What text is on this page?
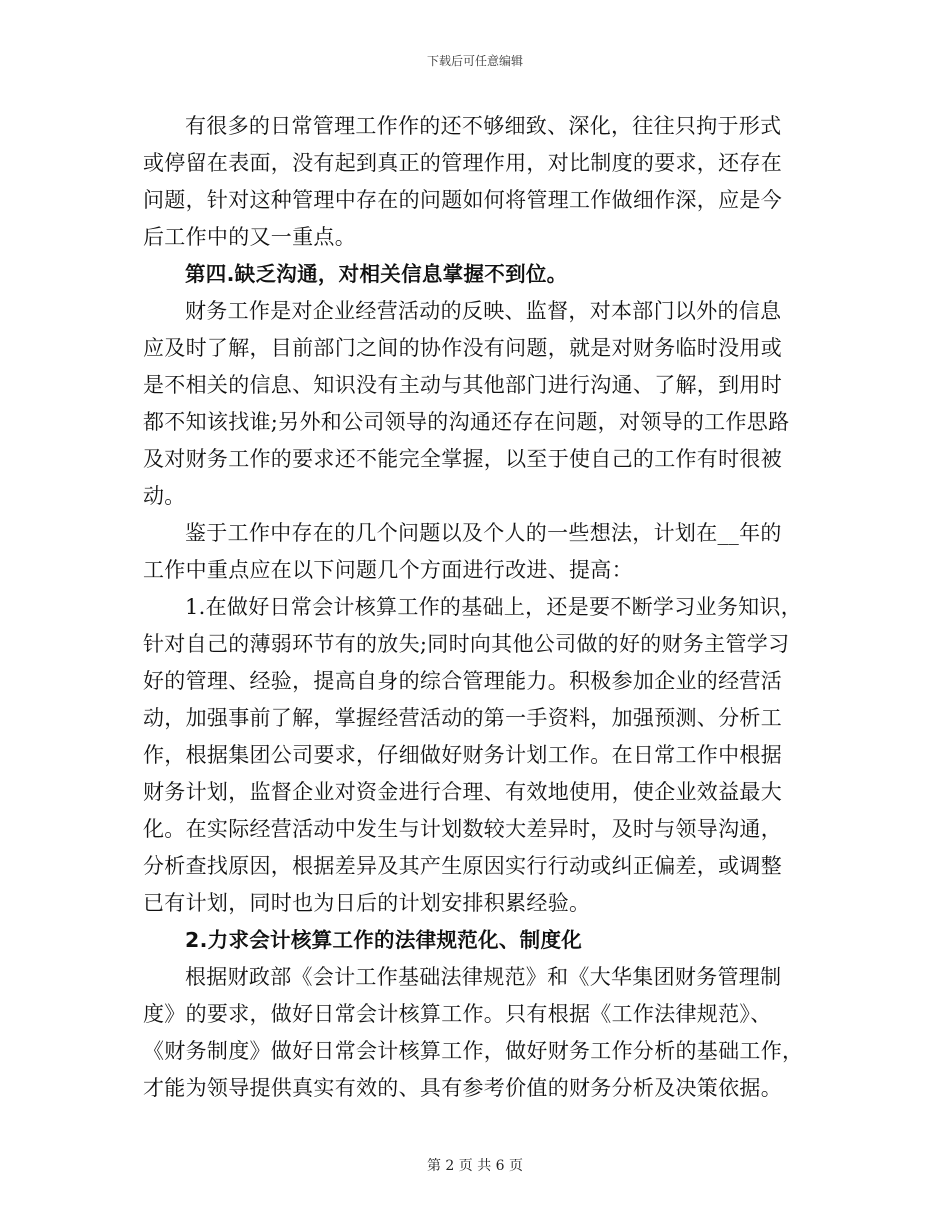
下载后可任意编辑
有很多的日常管理工作作的还不够细致、深化，往往只拘于形式
或停留在表面，没有起到真正的管理作用，对比制度的要求，还存在
问题，针对这种管理中存在的问题如何将管理工作做细作深，应是今
后工作中的又一重点。
第四.缺乏沟通，对相关信息掌握不到位。
财务工作是对企业经营活动的反映、监督，对本部门以外的信息
应及时了解，目前部门之间的协作没有问题，就是对财务临时没用或
是不相关的信息、知识没有主动与其他部门进行沟通、了解，到用时
都不知该找谁;另外和公司领导的沟通还存在问题，对领导的工作思路
及对财务工作的要求还不能完全掌握，以至于使自己的工作有时很被
动。
鉴于工作中存在的几个问题以及个人的一些想法，计划在__年的
工作中重点应在以下问题几个方面进行改进、提高：
1.在做好日常会计核算工作的基础上，还是要不断学习业务知识，
针对自己的薄弱环节有的放失;同时向其他公司做的好的财务主管学习
好的管理、经验，提高自身的综合管理能力。积极参加企业的经营活
动，加强事前了解，掌握经营活动的第一手资料，加强预测、分析工
作，根据集团公司要求，仔细做好财务计划工作。在日常工作中根据
财务计划，监督企业对资金进行合理、有效地使用，使企业效益最大
化。在实际经营活动中发生与计划数较大差异时，及时与领导沟通，
分析查找原因，根据差异及其产生原因实行行动或纠正偏差，或调整
已有计划，同时也为日后的计划安排积累经验。
2.力求会计核算工作的法律规范化、制度化
根据财政部《会计工作基础法律规范》和《大华集团财务管理制
度》的要求，做好日常会计核算工作。只有根据《工作法律规范》、
《财务制度》做好日常会计核算工作，做好财务工作分析的基础工作，
才能为领导提供真实有效的、具有参考价值的财务分析及决策依据。
第 2 页 共 6 页
